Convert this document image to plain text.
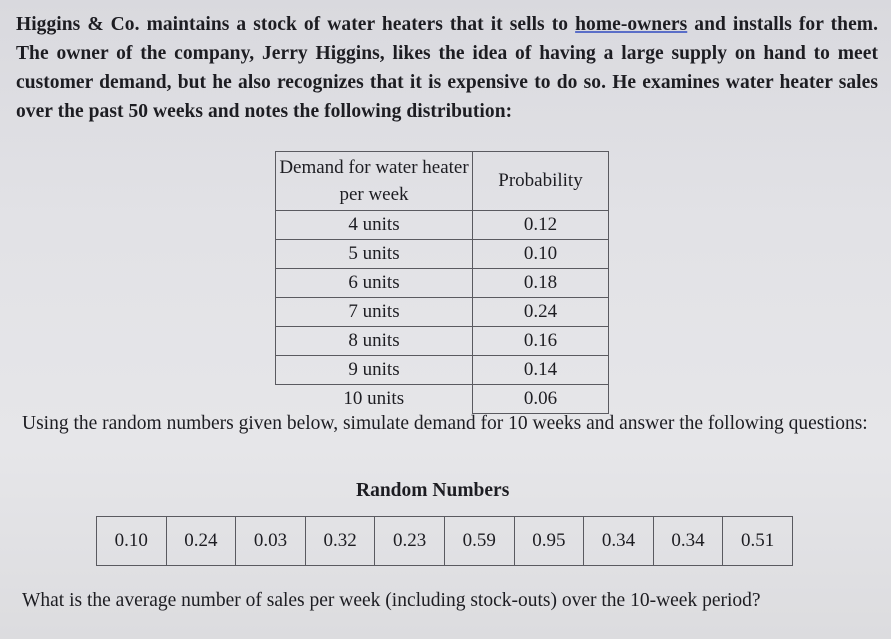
Higgins & Co. maintains a stock of water heaters that it sells to home-owners and installs for them. The owner of the company, Jerry Higgins, likes the idea of having a large supply on hand to meet customer demand, but he also recognizes that it is expensive to do so. He examines water heater sales over the past 50 weeks and notes the following distribution:

Demand for water heater per week	Probability
4 units	0.12
5 units	0.10
6 units	0.18
7 units	0.24
8 units	0.16
9 units	0.14
10 units	0.06

Using the random numbers given below, simulate demand for 10 weeks and answer the following questions:

Random Numbers
0.10	0.24	0.03	0.32	0.23	0.59	0.95	0.34	0.34	0.51

What is the average number of sales per week (including stock-outs) over the 10-week period?
